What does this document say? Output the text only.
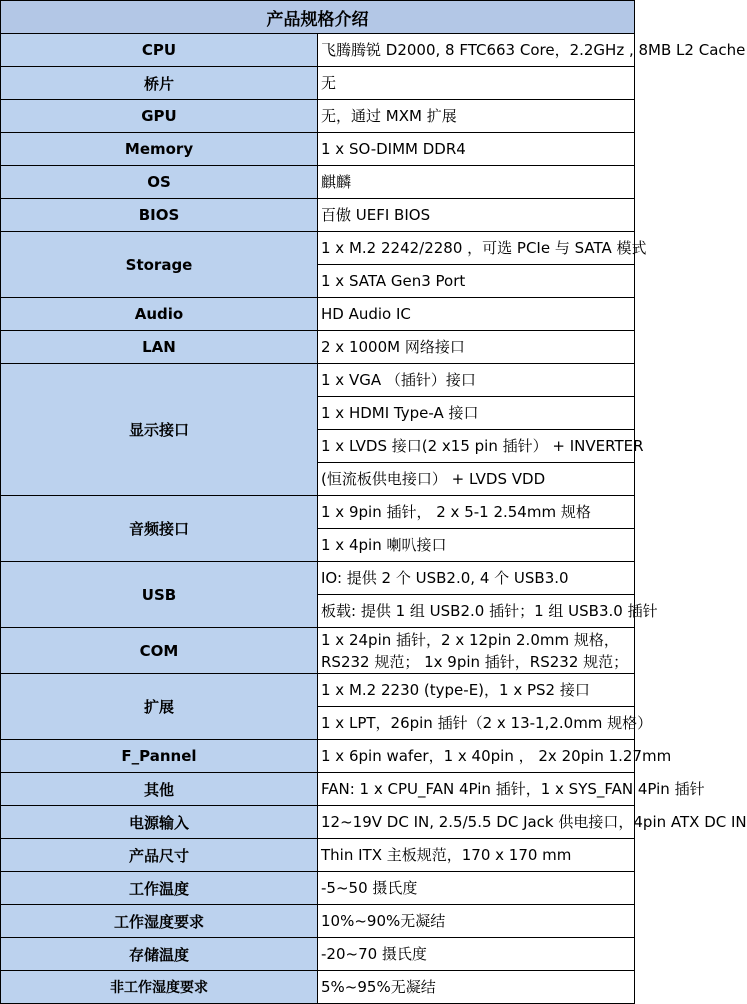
产品规格介绍	
CPU	飞腾腾锐 D2000, 8 FTC663 Core，2.2GHz , 8MB L2 Cache
桥片	无
GPU	无，通过 MXM 扩展
Memory	1 x SO-DIMM DDR4
OS	麒麟
BIOS	百傲 UEFI BIOS
Storage	1 x M.2 2242/2280 ，可选 PCIe 与 SATA 模式
	1 x SATA Gen3 Port
Audio	HD Audio IC
LAN	2 x 1000M 网络接口
显示接口	1 x VGA （插针）接口
	1 x HDMI Type-A 接口
	1 x LVDS 接口(2 x15 pin 插针） + INVERTER
	(恒流板供电接口） + LVDS VDD
音频接口	1 x 9pin 插针， 2 x 5-1 2.54mm 规格
	1 x 4pin 喇叭接口
USB	IO: 提供 2 个 USB2.0, 4 个 USB3.0
	板载: 提供 1 组 USB2.0 插针；1 组 USB3.0 插针
COM	1 x 24pin 插针，2 x 12pin 2.0mm 规格，RS232 规范； 1x 9pin 插针，RS232 规范；
扩展	1 x M.2 2230 (type-E)，1 x PS2 接口
	1 x LPT，26pin 插针（2 x 13-1,2.0mm 规格）
F_Pannel	1 x 6pin wafer，1 x 40pin ， 2x 20pin 1.27mm
其他	FAN: 1 x CPU_FAN 4Pin 插针，1 x SYS_FAN 4Pin 插针
电源输入	12~19V DC IN, 2.5/5.5 DC Jack 供电接口，4pin ATX DC IN
产品尺寸	Thin ITX 主板规范，170 x 170 mm
工作温度	-5~50 摄氏度
工作湿度要求	10%~90%无凝结
存储温度	-20~70 摄氏度
非工作湿度要求	5%~95%无凝结
